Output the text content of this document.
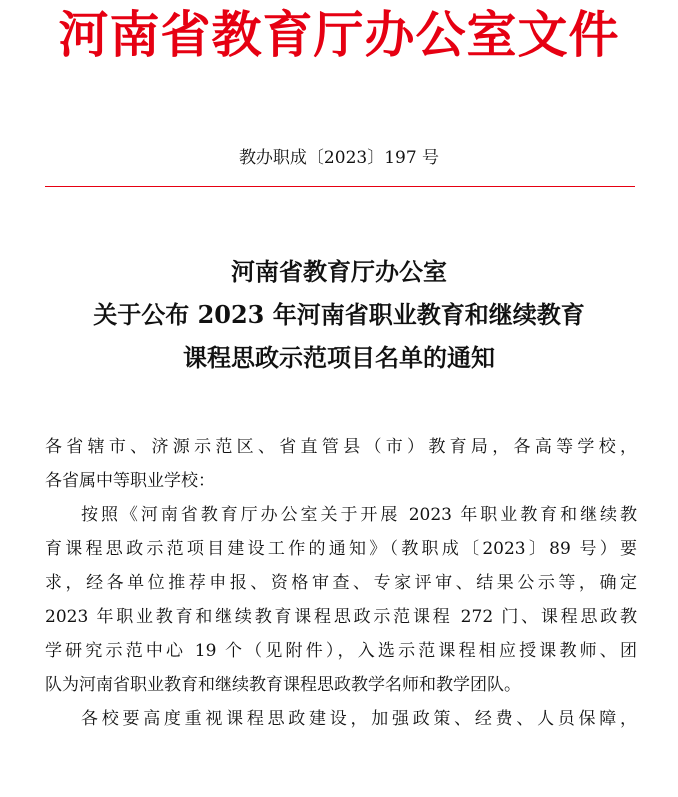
河南省教育厅办公室文件
教办职成〔2023〕197 号
河南省教育厅办公室
关于公布 2023 年河南省职业教育和继续教育
课程思政示范项目名单的通知
各省辖市、济源示范区、省直管县（市）教育局，各高等学校，
各省属中等职业学校：
按照《河南省教育厅办公室关于开展 2023 年职业教育和继续教
育课程思政示范项目建设工作的通知》（教职成〔2023〕89 号）要
求，经各单位推荐申报、资格审查、专家评审、结果公示等，确定
2023 年职业教育和继续教育课程思政示范课程 272 门、课程思政教
学研究示范中心 19 个（见附件），入选示范课程相应授课教师、团
队为河南省职业教育和继续教育课程思政教学名师和教学团队。
各校要高度重视课程思政建设，加强政策、经费、人员保障，
